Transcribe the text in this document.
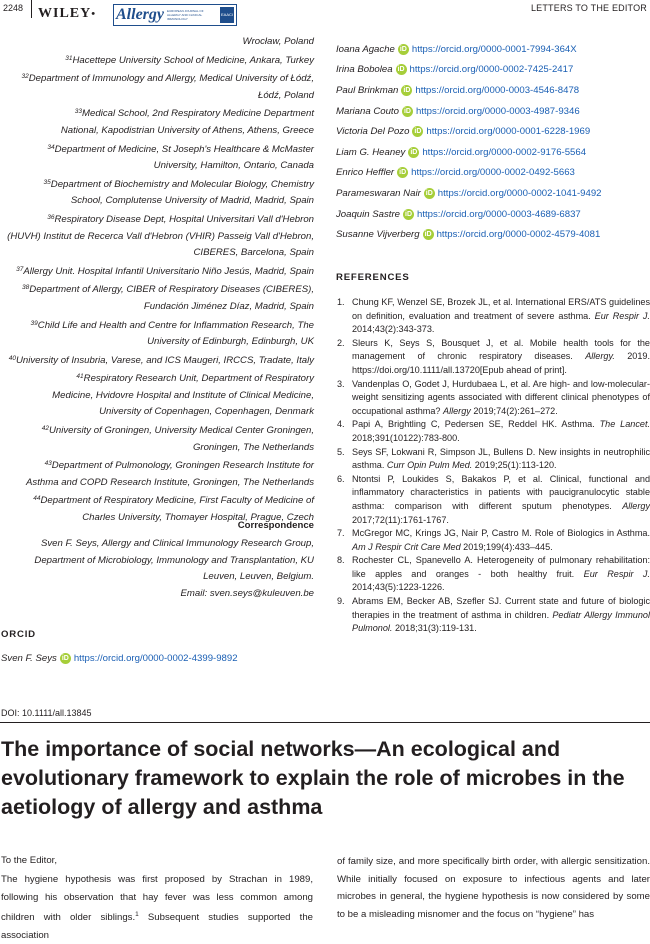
2248 WILEY• Allergy EUROPEAN JOURNAL OF ALLERGY AND CLINICAL IMMUNOLOGY
EAACI
LETTERS TO THE EDITOR

Wrocław, Poland

$^{31}$Hacettepe University School of Medicine, Ankara, Turkey

$^{32}$Department of Immunology and Allergy, Medical University of Łódź,

Łódź, Poland

$^{33}$Medical School, 2nd Respiratory Medicine Department

National, Kapodistrian University of Athens, Athens, Greece

$^{34}$Department of Medicine, St Joseph's Healthcare & McMaster

University, Hamilton, Ontario, Canada

$^{35}$Department of Biochemistry and Molecular Biology, Chemistry

School, Complutense University of Madrid, Madrid, Spain

$^{36}$Respiratory Disease Dept, Hospital Universitari Vall d'Hebron

(HUVH) Institut de Recerca Vall d'Hebron (VHIR) Passeig Vall d'Hebron,

CIBERES, Barcelona, Spain

$^{37}$Allergy Unit. Hospital Infantil Universitario Niño Jesús, Madrid, Spain

$^{38}$Department of Allergy, CIBER of Respiratory Diseases (CIBERES),

Fundación Jiménez Díaz, Madrid, Spain

$^{39}$Child Life and Health and Centre for Inflammation Research, The

University of Edinburgh, Edinburgh, UK

$^{40}$University of Insubria, Varese, and ICS Maugeri, IRCCS, Tradate, Italy

$^{41}$Respiratory Research Unit, Department of Respiratory

Medicine, Hvidovre Hospital and Institute of Clinical Medicine,

University of Copenhagen, Copenhagen, Denmark

$^{42}$University of Groningen, University Medical Center Groningen,

Groningen, The Netherlands

$^{43}$Department of Pulmonology, Groningen Research Institute for

Asthma and COPD Research Institute, Groningen, The Netherlands

$^{44}$Department of Respiratory Medicine, First Faculty of Medicine of

Charles University, Thomayer Hospital, Prague, Czech

Correspondence

Sven F. Seys, Allergy and Clinical Immunology Research Group,

Department of Microbiology, Immunology and Transplantation, KU

Leuven, Leuven, Belgium.

Email: sven.seys@kuleuven.be

ORCID
Sven F. Seys iD https://orcid.org/0000-0002-4399-9892
Ioana Agache iD https://orcid.org/0000-0001-7994-364X
Irina Bobolea iD https://orcid.org/0000-0002-7425-2417
Paul Brinkman iD https://orcid.org/0000-0003-4546-8478
Mariana Couto iD https://orcid.org/0000-0003-4987-9346
Victoria Del Pozo iD https://orcid.org/0000-0001-6228-1969
Liam G. Heaney iD https://orcid.org/0000-0002-9176-5564
Enrico Heffler iD https://orcid.org/0000-0002-0492-5663
Parameswaran Nair iD https://orcid.org/0000-0002-1041-9492
Joaquin Sastre iD https://orcid.org/0000-0003-4689-6837
Susanne Vijverberg iD https://orcid.org/0000-0002-4579-4081
REFERENCES
1. Chung KF, Wenzel SE, Brozek JL, et al. International ERS/ATS guidelines on definition, evaluation and treatment of severe asthma. Eur Respir J. 2014;43(2):343-373.
2. Sleurs K, Seys S, Bousquet J, et al. Mobile health tools for the management of chronic respiratory diseases. Allergy. 2019. https://doi.org/10.1111/all.13720[Epub ahead of print].
3. Vandenplas O, Godet J, Hurdubaea L, et al. Are high- and low-molecular-weight sensitizing agents associated with different clinical phenotypes of occupational asthma? Allergy 2019;74(2):261–272.
4. Papi A, Brightling C, Pedersen SE, Reddel HK. Asthma. The Lancet. 2018;391(10122):783-800.
5. Seys SF, Lokwani R, Simpson JL, Bullens D. New insights in neutrophilic asthma. Curr Opin Pulm Med. 2019;25(1):113-120.
6. Ntontsi P, Loukides S, Bakakos P, et al. Clinical, functional and inflammatory characteristics in patients with paucigranulocytic stable asthma: comparison with different sputum phenotypes. Allergy 2017;72(11):1761-1767.
7. McGregor MC, Krings JG, Nair P, Castro M. Role of Biologics in Asthma. Am J Respir Crit Care Med 2019;199(4):433–445.
8. Rochester CL, Spanevello A. Heterogeneity of pulmonary rehabilitation: like apples and oranges - both healthy fruit. Eur Respir J. 2014;43(5):1223-1226.
9. Abrams EM, Becker AB, Szefler SJ. Current state and future of biologic therapies in the treatment of asthma in children. Pediatr Allergy Immunol Pulmonol. 2018;31(3):119-131.
DOI: 10.1111/all.13845
The importance of social networks—An ecological and evolutionary framework to explain the role of microbes in the aetiology of allergy and asthma
To the Editor,
The hygiene hypothesis was first proposed by Strachan in 1989, following his observation that hay fever was less common among children with older siblings.$^1$ Subsequent studies supported the association
of family size, and more specifically birth order, with allergic sensitization. While initially focused on exposure to infectious agents and later microbes in general, the hygiene hypothesis is now considered by some to be a misleading misnomer and the focus on “hygiene” has
